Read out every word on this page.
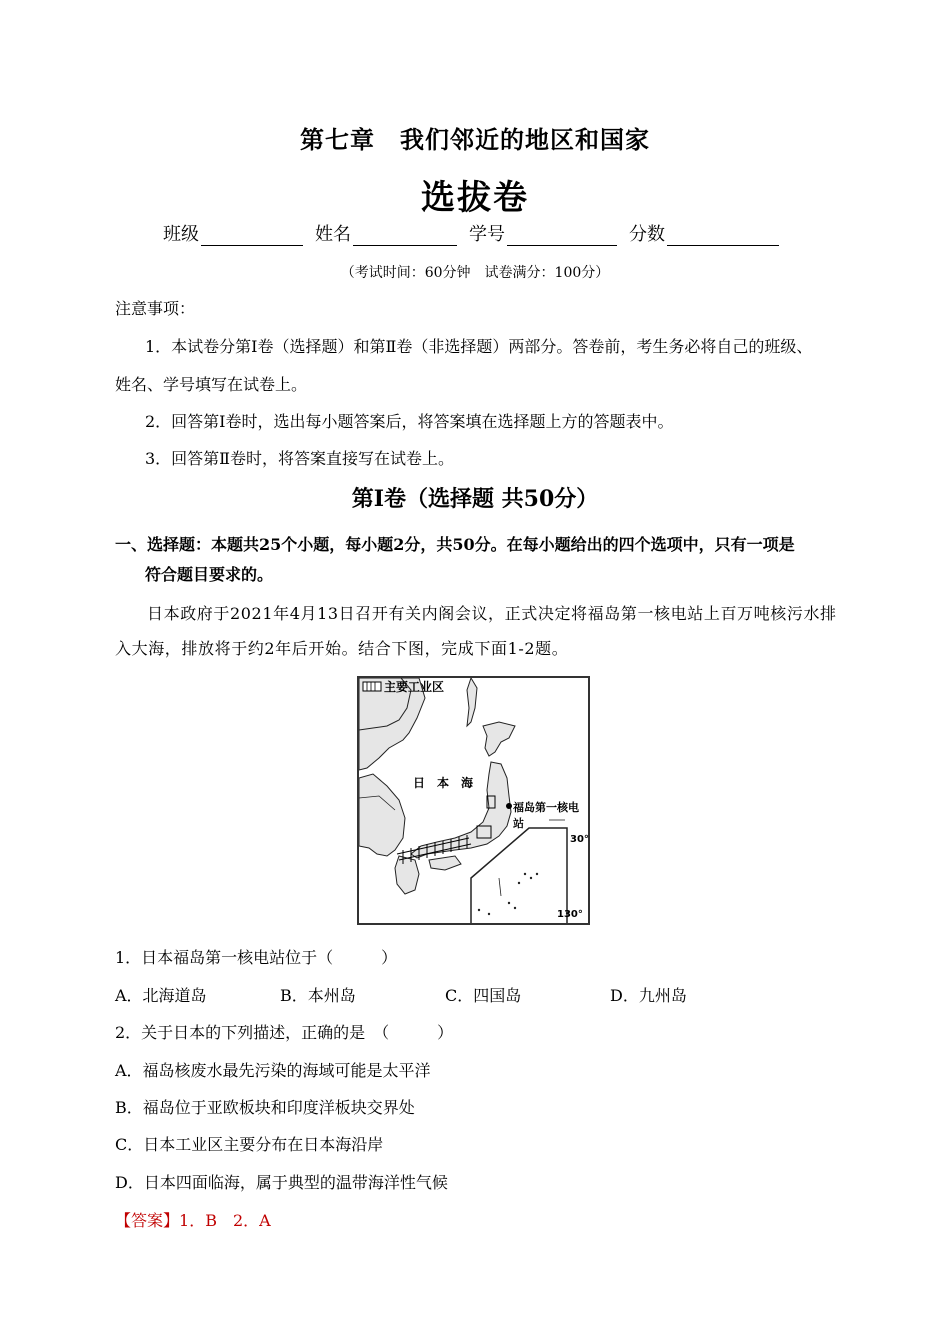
第七章　我们邻近的地区和国家
选拔卷
班级	姓名	学号	分数
（考试时间：60分钟　试卷满分：100分）
注意事项：
1．本试卷分第Ⅰ卷（选择题）和第Ⅱ卷（非选择题）两部分。答卷前，考生务必将自己的班级、
姓名、学号填写在试卷上。
2．回答第Ⅰ卷时，选出每小题答案后，将答案填在选择题上方的答题表中。
3．回答第Ⅱ卷时，将答案直接写在试卷上。
第Ⅰ卷（选择题 共50分）
一、选择题：本题共25个小题，每小题2分，共50分。在每小题给出的四个选项中，只有一项是
符合题目要求的。
日本政府于2021年4月13日召开有关内阁会议，正式决定将福岛第一核电站上百万吨核污水排入大海，排放将于约2年后开始。结合下图，完成下面1-2题。
主要工业区
日　本　海
福岛第一核电站
30°
130°
1．日本福岛第一核电站位于（　　　）
A．北海道岛	B．本州岛	C．四国岛	D．九州岛
2．关于日本的下列描述，正确的是　（　　　）
A．福岛核废水最先污染的海域可能是太平洋
B．福岛位于亚欧板块和印度洋板块交界处
C．日本工业区主要分布在日本海沿岸
D．日本四面临海，属于典型的温带海洋性气候
【答案】1．B　2．A
